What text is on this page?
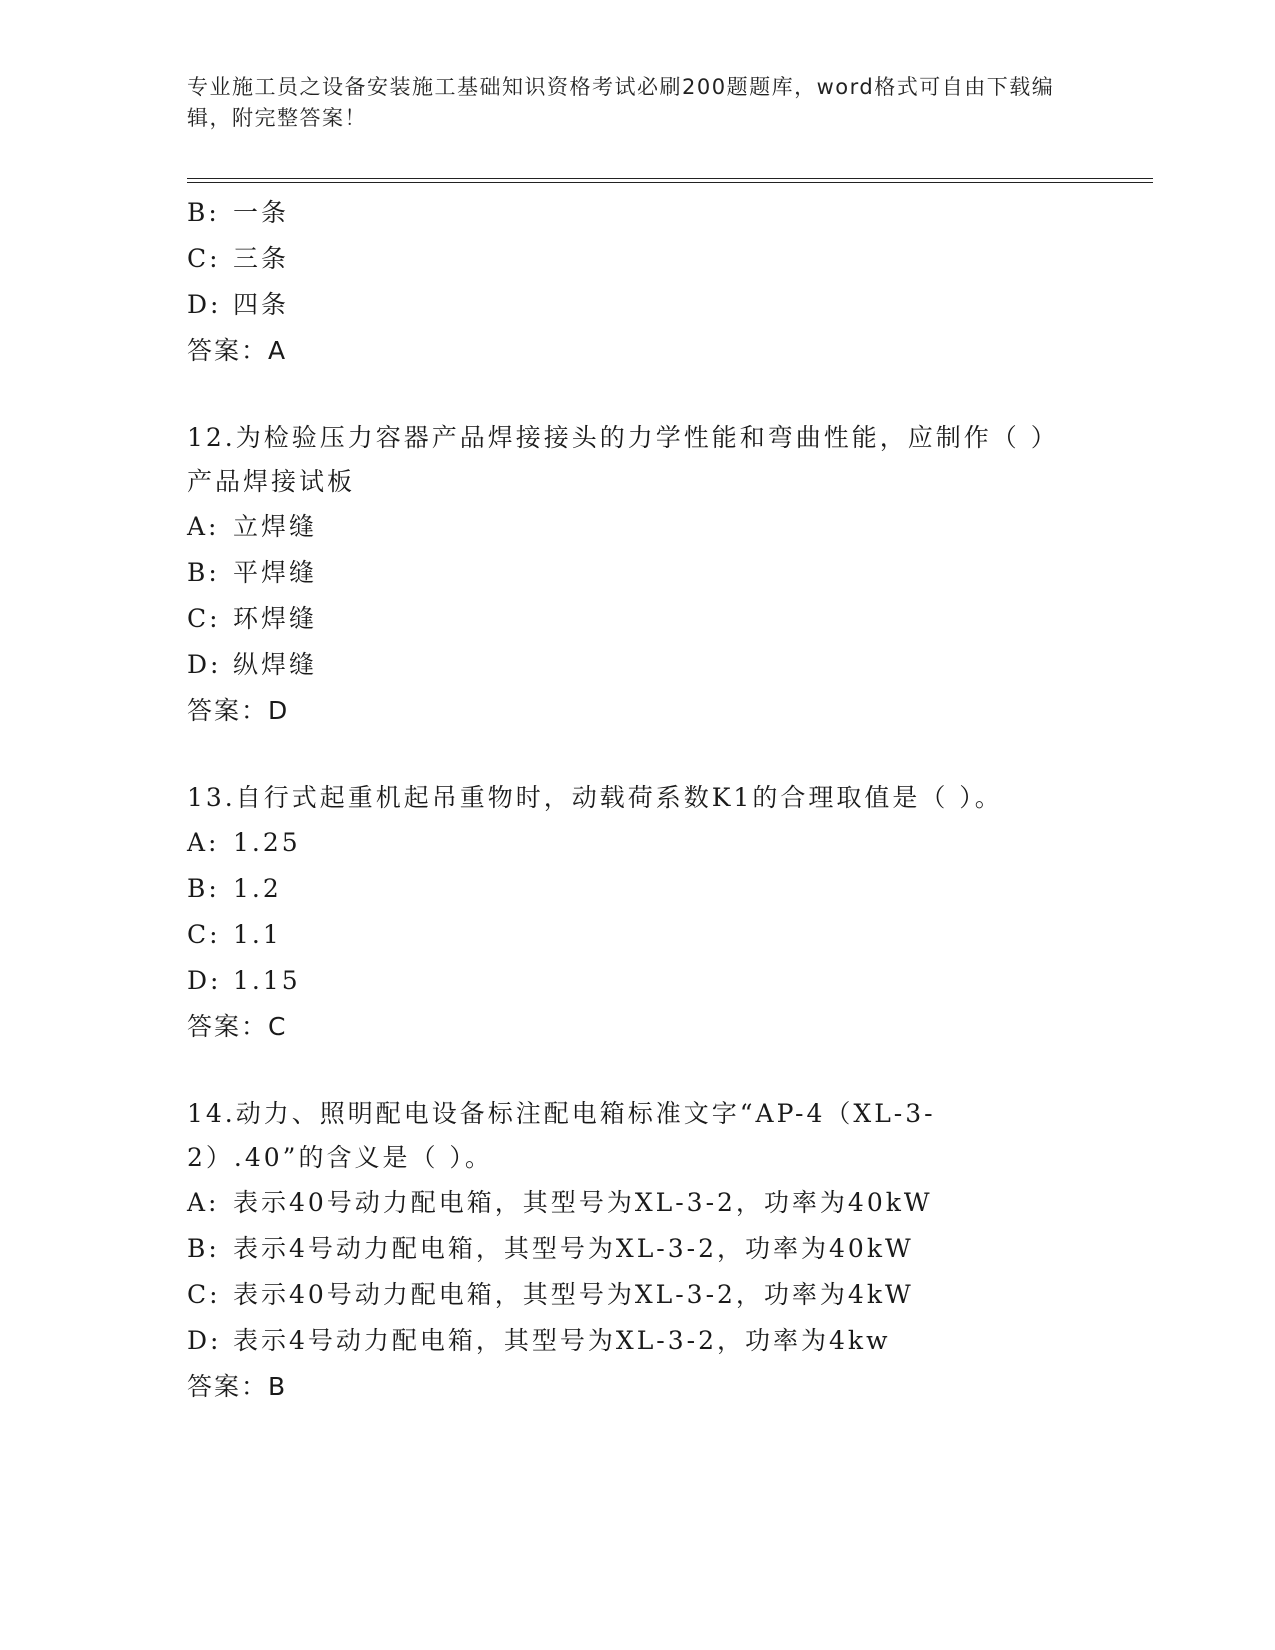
专业施工员之设备安装施工基础知识资格考试必刷200题题库，word格式可自由下载编辑，附完整答案！
B: 一条
C: 三条
D: 四条
答案：A
12.为检验压力容器产品焊接接头的力学性能和弯曲性能，应制作（ ）产品焊接试板
A: 立焊缝
B: 平焊缝
C: 环焊缝
D: 纵焊缝
答案：D
13.自行式起重机起吊重物时，动载荷系数K1的合理取值是（ ）。
A: 1.25
B: 1.2
C: 1.1
D: 1.15
答案：C
14.动力、照明配电设备标注配电箱标准文字“AP-4（XL-3-2）.40”的含义是（ ）。
A: 表示40号动力配电箱，其型号为XL-3-2，功率为40kW
B: 表示4号动力配电箱，其型号为XL-3-2，功率为40kW
C: 表示40号动力配电箱，其型号为XL-3-2，功率为4kW
D: 表示4号动力配电箱，其型号为XL-3-2，功率为4kw
答案：B
